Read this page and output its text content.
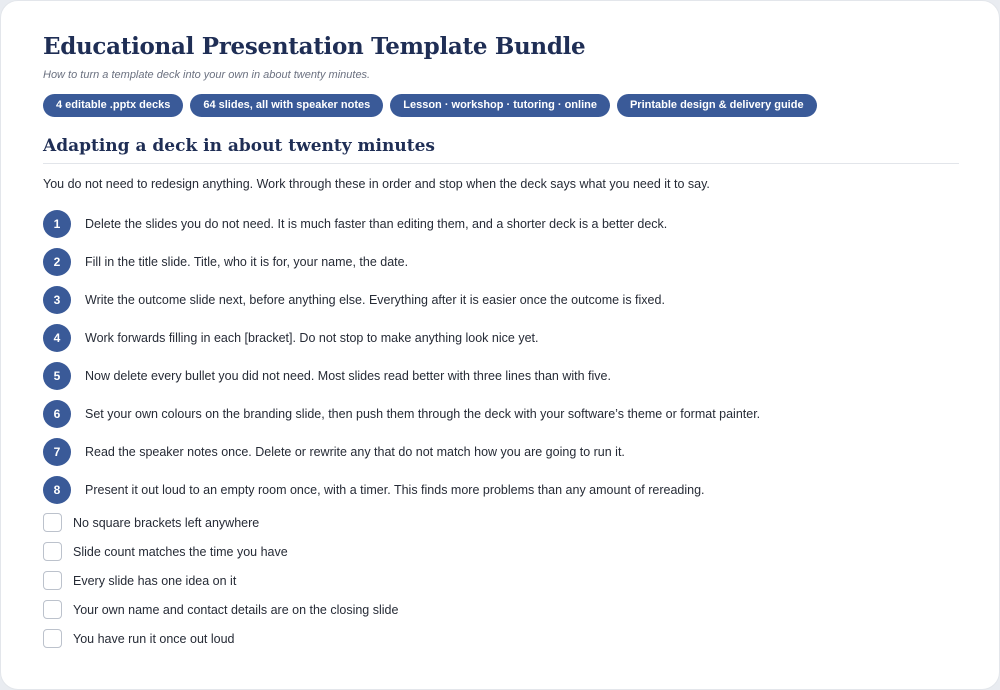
Educational Presentation Template Bundle
How to turn a template deck into your own in about twenty minutes.
4 editable .pptx decks	64 slides, all with speaker notes	Lesson · workshop · tutoring · online	Printable design & delivery guide
Adapting a deck in about twenty minutes

You do not need to redesign anything. Work through these in order and stop when the deck says what you need it to say.

1	Delete the slides you do not need. It is much faster than editing them, and a shorter deck is a better deck.
2	Fill in the title slide. Title, who it is for, your name, the date.
3	Write the outcome slide next, before anything else. Everything after it is easier once the outcome is fixed.
4	Work forwards filling in each [bracket]. Do not stop to make anything look nice yet.
5	Now delete every bullet you did not need. Most slides read better with three lines than with five.
6	Set your own colours on the branding slide, then push them through the deck with your software’s theme or format painter.
7	Read the speaker notes once. Delete or rewrite any that do not match how you are going to run it.
8	Present it out loud to an empty room once, with a timer. This finds more problems than any amount of rereading.
No square brackets left anywhere
Slide count matches the time you have
Every slide has one idea on it
Your own name and contact details are on the closing slide
You have run it once out loud
